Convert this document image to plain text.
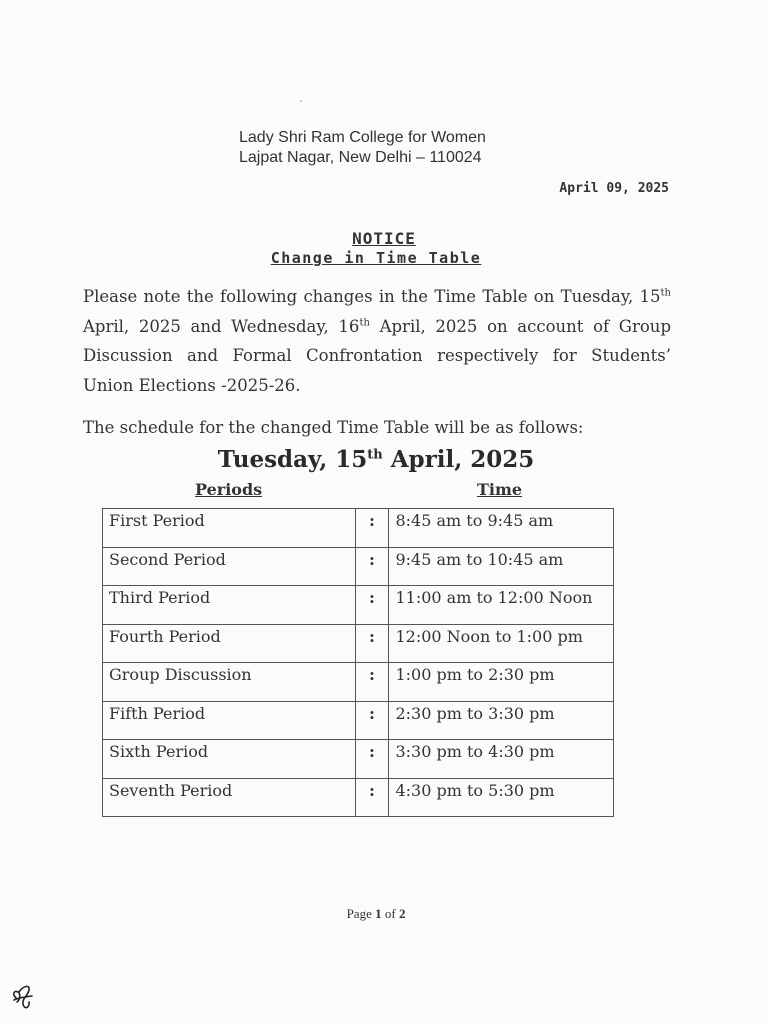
Lady Shri Ram College for Women
Lajpat Nagar, New Delhi – 110024
April 09, 2025
NOTICE
Change in Time Table
Please note the following changes in the Time Table on Tuesday, 15th April, 2025 and Wednesday, 16th April, 2025 on account of Group Discussion and Formal Confrontation respectively for Students’ Union Elections -2025-26.
The schedule for the changed Time Table will be as follows:
Tuesday, 15th April, 2025
Periods	Time
First Period	:	8:45 am to 9:45 am
Second Period	:	9:45 am to 10:45 am
Third Period	:	11:00 am to 12:00 Noon
Fourth Period	:	12:00 Noon to 1:00 pm
Group Discussion	:	1:00 pm to 2:30 pm
Fifth Period	:	2:30 pm to 3:30 pm
Sixth Period	:	3:30 pm to 4:30 pm
Seventh Period	:	4:30 pm to 5:30 pm
Page 1 of 2
